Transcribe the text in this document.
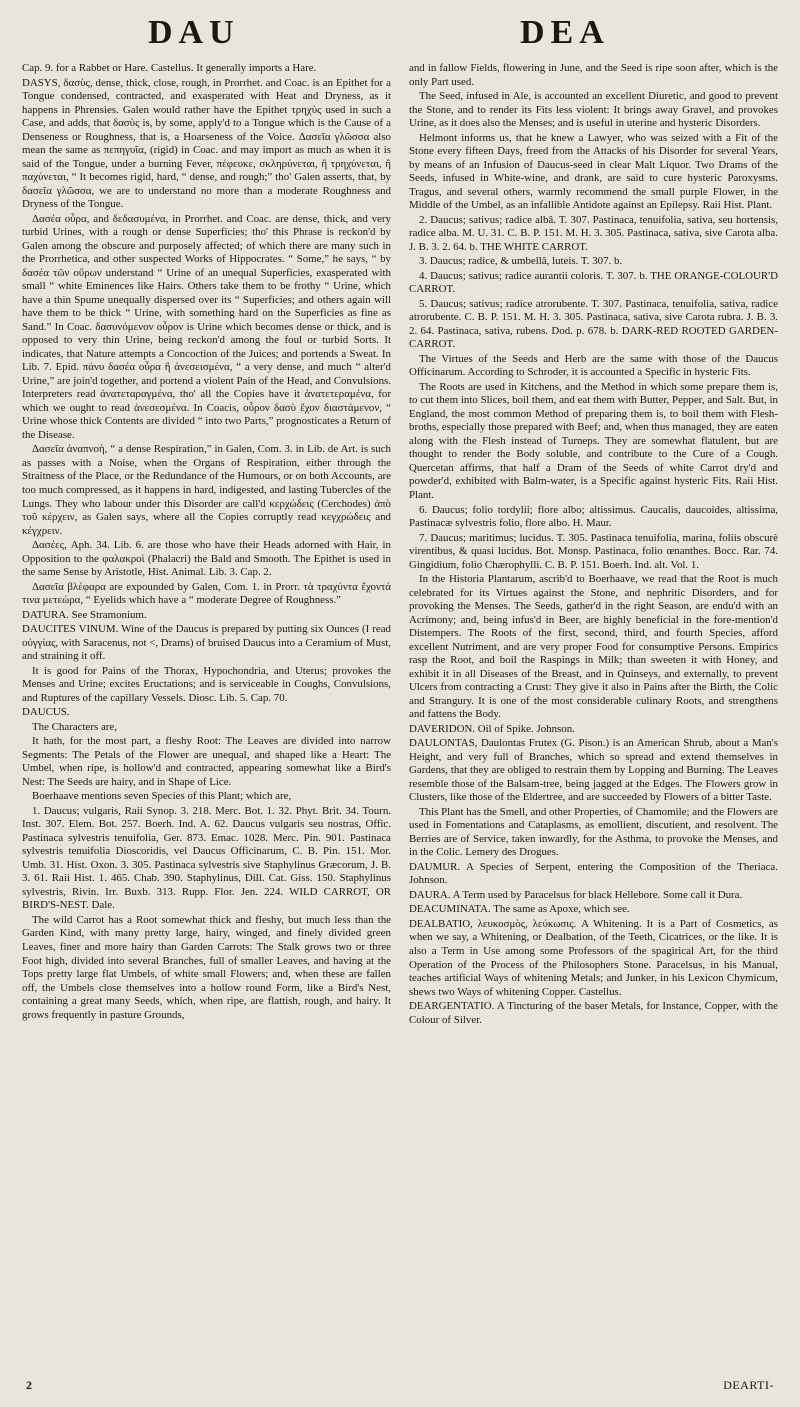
DAU	DEA

Cap. 9. for a Rabbet or Hare. Castellus. It generally imports a Hare.

DASYS, δασὺς, dense, thick, close, rough, in Prorrhet. and Coac. is an Epithet for a Tongue condensed, contracted, and exasperated with Heat and Dryness, as it happens in Phrensies. Galen would rather have the Epithet τρηχὺς used in such a Case, and adds, that δασὺς is, by some, apply'd to a Tongue which is the Cause of a Denseness or Roughness, that is, a Hoarseness of the Voice. Δασεῖα γλῶσσα also mean the same as πεπηγυῖα, (rigid) in Coac. and may import as much as when it is said of the Tongue, under a burning Fever, πέφευκε, σκληρύνεται, ἢ τρηχύνεται, ἢ παχύνεται, “ It becomes rigid, hard, “ dense, and rough;” tho' Galen asserts, that, by δασεῖα γλῶσσα, we are to understand no more than a moderate Roughness and Dryness of the Tongue.

Δασέα οὖρα, and δεδασυμένα, in Prorrhet. and Coac. are dense, thick, and very turbid Urines, with a rough or dense Superficies; tho' this Phrase is reckon'd by Galen among the obscure and purposely affected; of which there are many such in the Prorrhetica, and other suspected Works of Hippocrates. “ Some,” he says, “ by δασέα τῶν οὔρων understand “ Urine of an unequal Superficies, exasperated with small “ white Eminences like Hairs. Others take them to be frothy “ Urine, which have a thin Spume unequally dispersed over its “ Superficies; and others again will have them to be thick “ Urine, with something hard on the Superficies as fine as Sand.” In Coac. δασυνόμενον οὖρον is Urine which becomes dense or thick, and is opposed to very thin Urine, being reckon'd among the foul or turbid Sorts. It indicates, that Nature attempts a Concoction of the Juices; and portends a Sweat. In Lib. 7. Epid. πάνυ δασέα οὖρα ἢ ἀνεσεισμένα, “ a very dense, and much “ alter'd Urine,” are join'd together, and portend a violent Pain of the Head, and Convulsions. Interpreters read ἀνατεταραγμένα, tho' all the Copies have it ἀνατετεραμένα, for which we ought to read ἀνεσεσμένα. In Coacis, οὖρον δασὺ ἔχον διαστάμενον, “ Urine whose thick Contents are divided “ into two Parts,” prognosticates a Return of the Disease.

Δασεῖα ἀναπνοὴ, “ a dense Respiration,” in Galen, Com. 3. in Lib. de Art. is such as passes with a Noise, when the Organs of Respiration, either through the Straitness of the Place, or the Redundance of the Humours, or on both Accounts, are too much compressed, as it happens in hard, indigested, and lasting Tubercles of the Lungs. They who labour under this Disorder are call'd κερχώδεις (Cerchodes) ἀπὸ τοῦ κέρχειν, as Galen says, where all the Copies corruptly read κεγχρώδεις and κέγχρειν.

Δασέες, Aph. 34. Lib. 6. are those who have their Heads adorned with Hair, in Opposition to the φαλακροὶ (Phalacri) the Bald and Smooth. The Epithet is used in the same Sense by Aristotle, Hist. Animal. Lib. 3. Cap. 2.

Δασεῖα βλέφαρα are expounded by Galen, Com. 1. in Prorr. τὰ τραχύντα ἔχοντά τινα μετεώρα, “ Eyelids which have a “ moderate Degree of Roughness.”

DATURA. See Stramonium.

DAUCITES VINUM. Wine of the Daucus is prepared by putting six Ounces (I read οὐγγίας, with Saracenus, not <, Drams) of bruised Daucus into a Ceramium of Must, and straining it off.

It is good for Pains of the Thorax, Hypochondria, and Uterus; provokes the Menses and Urine; excites Eructations; and is serviceable in Coughs, Convulsions, and Ruptures of the capillary Vessels. Diosc. Lib. 5. Cap. 70.

DAUCUS.

The Characters are,

It hath, for the most part, a fleshy Root: The Leaves are divided into narrow Segments: The Petals of the Flower are unequal, and shaped like a Heart: The Umbel, when ripe, is hollow'd and contracted, appearing somewhat like a Bird's Nest: The Seeds are hairy, and in Shape of Lice.

Boerhaave mentions seven Species of this Plant; which are,

1. Daucus; vulgaris, Raii Synop. 3. 218. Merc. Bot. 1. 32. Phyt. Brit. 34. Tourn. Inst. 307. Elem. Bot. 257. Boerh. Ind. A. 62. Daucus vulgaris seu nostras, Offic. Pastinaca sylvestris tenuifolia, Ger. 873. Emac. 1028. Merc. Pin. 901. Pastinaca sylvestris tenuifolia Dioscoridis, vel Daucus Officinarum, C. B. Pin. 151. Mor. Umb. 31. Hist. Oxon. 3. 305. Pastinaca sylvestris sive Staphylinus Græcorum, J. B. 3. 61. Raii Hist. 1. 465. Chab. 390. Staphylinus, Dill. Cat. Giss. 150. Staphylinus sylvestris, Rivin. Irr. Buxb. 313. Rupp. Flor. Jen. 224. WILD CARROT, OR BIRD'S-NEST. Dale.

The wild Carrot has a Root somewhat thick and fleshy, but much less than the Garden Kind, with many pretty large, hairy, winged, and finely divided green Leaves, finer and more hairy than Garden Carrots: The Stalk grows two or three Foot high, divided into several Branches, full of smaller Leaves, and having at the Tops pretty large flat Umbels, of white small Flowers; and, when these are fallen off, the Umbels close themselves into a hollow round Form, like a Bird's Nest, containing a great many Seeds, which, when ripe, are flattish, rough, and hairy. It grows frequently in pasture Grounds,

and in fallow Fields, flowering in June, and the Seed is ripe soon after, which is the only Part used.

The Seed, infused in Ale, is accounted an excellent Diuretic, and good to prevent the Stone, and to render its Fits less violent: It brings away Gravel, and provokes Urine, as it does also the Menses; and is useful in uterine and hysteric Disorders.

Helmont informs us, that he knew a Lawyer, who was seized with a Fit of the Stone every fifteen Days, freed from the Attacks of his Disorder for several Years, by means of an Infusion of Daucus-seed in clear Malt Liquor. Two Drams of the Seeds, infused in White-wine, and drank, are said to cure hysteric Paroxysms. Tragus, and several others, warmly recommend the small purple Flower, in the Middle of the Umbel, as an infallible Antidote against an Epilepsy. Raii Hist. Plant.

2. Daucus; sativus; radice albâ. T. 307. Pastinaca, tenuifolia, sativa, seu hortensis, radice alba. M. U. 31. C. B. P. 151. M. H. 3. 305. Pastinaca, sativa, sive Carota alba. J. B. 3. 2. 64. b. THE WHITE CARROT.

3. Daucus; radice, & umbellâ, luteis. T. 307. b.

4. Daucus; sativus; radice aurantii coloris. T. 307. b. THE ORANGE-COLOUR'D CARROT.

5. Daucus; sativus; radice atrorubente. T. 307. Pastinaca, tenuifolia, sativa, radice atrorubente. C. B. P. 151. M. H. 3. 305. Pastinaca, sativa, sive Carota rubra. J. B. 3. 2. 64. Pastinaca, sativa, rubens. Dod. p. 678. b. DARK-RED ROOTED GARDEN-CARROT.

The Virtues of the Seeds and Herb are the same with those of the Daucus Officinarum. According to Schroder, it is accounted a Specific in hysteric Fits.

The Roots are used in Kitchens, and the Method in which some prepare them is, to cut them into Slices, boil them, and eat them with Butter, Pepper, and Salt. But, in England, the most common Method of preparing them is, to boil them with Flesh-broths, especially those prepared with Beef; and, when thus managed, they are eaten along with the Flesh instead of Turneps. They are somewhat flatulent, but are thought to render the Body soluble, and contribute to the Cure of a Cough. Quercetan affirms, that half a Dram of the Seeds of white Carrot dry'd and powder'd, exhibited with Balm-water, is a Specific against hysteric Fits. Raii Hist. Plant.

6. Daucus; folio tordylii; flore albo; altissimus. Caucalis, daucoides, altissima, Pastinacæ sylvestris folio, flore albo. H. Maur.

7. Daucus; maritimus; lucidus. T. 305. Pastinaca tenuifolia, marina, foliis obscurè virentibus, & quasi lucidus. Bot. Monsp. Pastinaca, folio œnanthes. Bocc. Rar. 74. Gingidium, folio Chærophylli. C. B. P. 151. Boerh. Ind. alt. Vol. 1.

In the Historia Plantarum, ascrib'd to Boerhaave, we read that the Root is much celebrated for its Virtues against the Stone, and nephritic Disorders, and for provoking the Menses. The Seeds, gather'd in the right Season, are endu'd with an Acrimony; and, being infus'd in Beer, are highly beneficial in the fore-mention'd Distempers. The Roots of the first, second, third, and fourth Species, afford excellent Nutriment, and are very proper Food for consumptive Persons. Empirics rasp the Root, and boil the Raspings in Milk; than sweeten it with Honey, and exhibit it in all Diseases of the Breast, and in Quinseys, and externally, to prevent Ulcers from contracting a Crust: They give it also in Pains after the Birth, the Colic and Strangury. It is one of the most considerable culinary Roots, and strengthens and fattens the Body.

DAVERIDON. Oil of Spike. Johnson.

DAULONTAS, Daulontas Frutex (G. Pison.) is an American Shrub, about a Man's Height, and very full of Branches, which so spread and extend themselves in Gardens, that they are obliged to restrain them by Lopping and Burning. The Leaves resemble those of the Balsam-tree, being jagged at the Edges. The Flowers grow in Clusters, like those of the Eldertree, and are succeeded by Flowers of a bitter Taste.

This Plant has the Smell, and other Properties, of Chamomile; and the Flowers are used in Fomentations and Cataplasms, as emollient, discutient, and resolvent. The Berries are of Service, taken inwardly, for the Asthma, to provoke the Menses, and in the Colic. Lemery des Drogues.

DAUMUR. A Species of Serpent, entering the Composition of the Theriaca. Johnson.

DAURA. A Term used by Paracelsus for black Hellebore. Some call it Dura.

DEACUMINATA. The same as Apoxe, which see.

DEALBATIO, λευκοσμὸς, λεύκωσις. A Whitening. It is a Part of Cosmetics, as when we say, a Whitening, or Dealbation, of the Teeth, Cicatrices, or the like. It is also a Term in Use among some Professors of the spagirical Art, for the third Operation of the Process of the Philosophers Stone. Paracelsus, in his Manual, teaches artificial Ways of whitening Metals; and Junker, in his Lexicon Chymicum, shews two Ways of whitening Copper. Castellus.

DEARGENTATIO. A Tincturing of the baser Metals, for Instance, Copper, with the Colour of Silver.

2	DEARTI-
